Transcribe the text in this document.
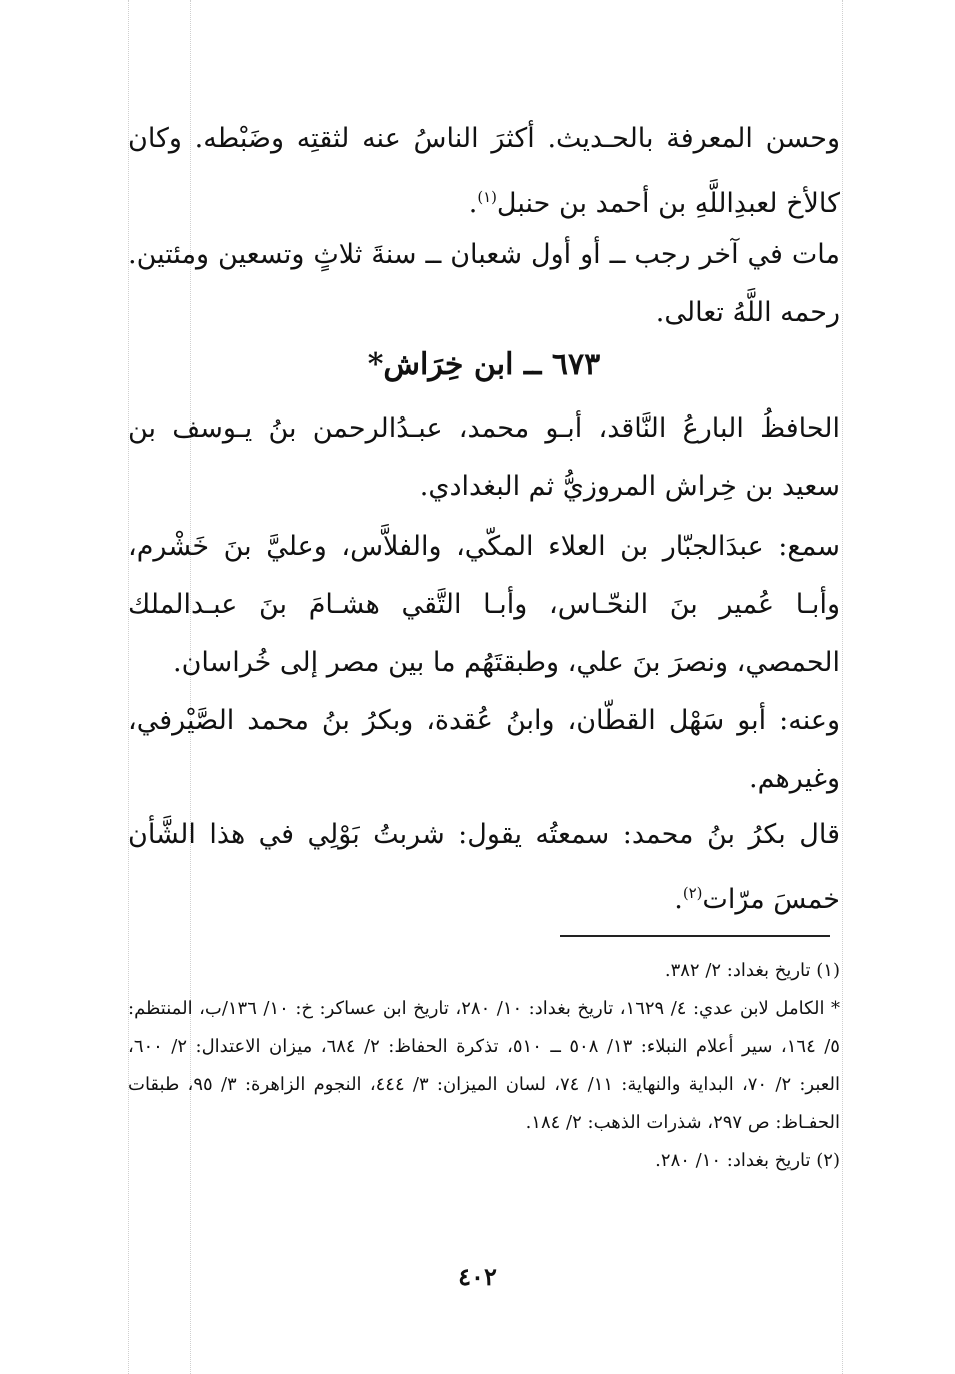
وحسن المعرفة بالحـديث. أكثرَ الناسُ عنه لثقتِه وضَبْطه. وكان كالأخ لعبدِاللَّهِ بن أحمد بن حنبل$^{(١)}$.

مات في آخر رجب ــ أو أول شعبان ــ سنةَ ثلاثٍ وتسعين ومئتين. رحمه اللَّهُ تعالى.

٦٧٣ ــ ابن خِرَاش*

الحافظُ البارعُ النَّاقد، أبـو محمد، عبـدُالرحمن بنُ يـوسف بن سعيد بن خِراش المروزيُّ ثم البغدادي.

سمع: عبدَالجبّار بن العلاء المكّي، والفلاَّس، وعليَّ بنَ خَشْرم، وأبـا عُمير بنَ النحّـاس، وأبـا التَّقي هشـامَ بنَ عبـدالملك الحمصي، ونصرَ بنَ علي، وطبقتَهُم ما بين مصر إلى خُراسان.

وعنه: أبو سَهْل القطّان، وابنُ عُقدة، وبكرُ بنُ محمد الصَّيْرفي، وغيرهم.

قال بكرُ بنُ محمد: سمعتُه يقول: شربتُ بَوْلِي في هذا الشَّأن خمسَ مرّات$^{(٢)}$.

(١) تاريخ بغداد: ٢/ ٣٨٢.

* الكامل لابن عدي: ٤/ ١٦٢٩، تاريخ بغداد: ١٠/ ٢٨٠، تاريخ ابن عساكر: خ: ١٠/ ١٣٦/ب، المنتظم: ٥/ ١٦٤، سير أعلام النبلاء: ١٣/ ٥٠٨ ــ ٥١٠، تذكرة الحفاظ: ٢/ ٦٨٤، ميزان الاعتدال: ٢/ ٦٠٠، العبر: ٢/ ٧٠، البداية والنهاية: ١١/ ٧٤، لسان الميزان: ٣/ ٤٤٤، النجوم الزاهرة: ٣/ ٩٥، طبقات الحفـاظ: ص ٢٩٧، شذرات الذهب: ٢/ ١٨٤.

(٢) تاريخ بغداد: ١٠/ ٢٨٠.

٤٠٢
